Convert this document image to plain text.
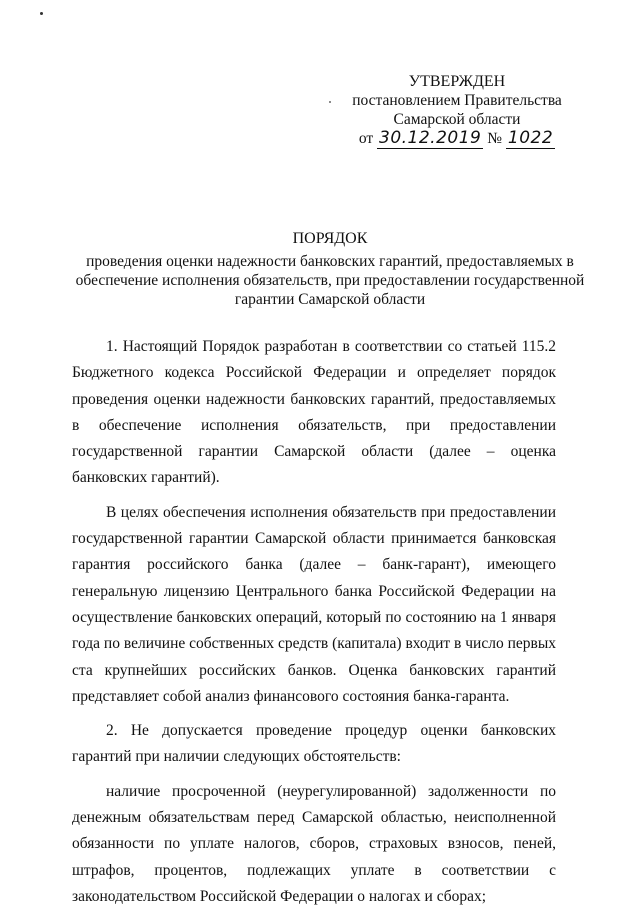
УТВЕРЖДЕН
постановлением Правительства
Самарской области
от 30.12.2019 № 1022
ПОРЯДОК
проведения оценки надежности банковских гарантий, предоставляемых в обеспечение исполнения обязательств, при предоставлении государственной гарантии Самарской области

1. Настоящий Порядок разработан в соответствии со статьей 115.2 Бюджетного кодекса Российской Федерации и определяет порядок проведения оценки надежности банковских гарантий, предоставляемых в обеспечение исполнения обязательств, при предоставлении государственной гарантии Самарской области (далее – оценка банковских гарантий).

В целях обеспечения исполнения обязательств при предоставлении государственной гарантии Самарской области принимается банковская гарантия российского банка (далее – банк-гарант), имеющего генеральную лицензию Центрального банка Российской Федерации на осуществление банковских операций, который по состоянию на 1 января года по величине собственных средств (капитала) входит в число первых ста крупнейших российских банков. Оценка банковских гарантий представляет собой анализ финансового состояния банка-гаранта.

2. Не допускается проведение процедур оценки банковских гарантий при наличии следующих обстоятельств:

наличие просроченной (неурегулированной) задолженности по денежным обязательствам перед Самарской областью, неисполненной обязанности по уплате налогов, сборов, страховых взносов, пеней, штрафов, процентов, подлежащих уплате в соответствии с законодательством Российской Федерации о налогах и сборах;
